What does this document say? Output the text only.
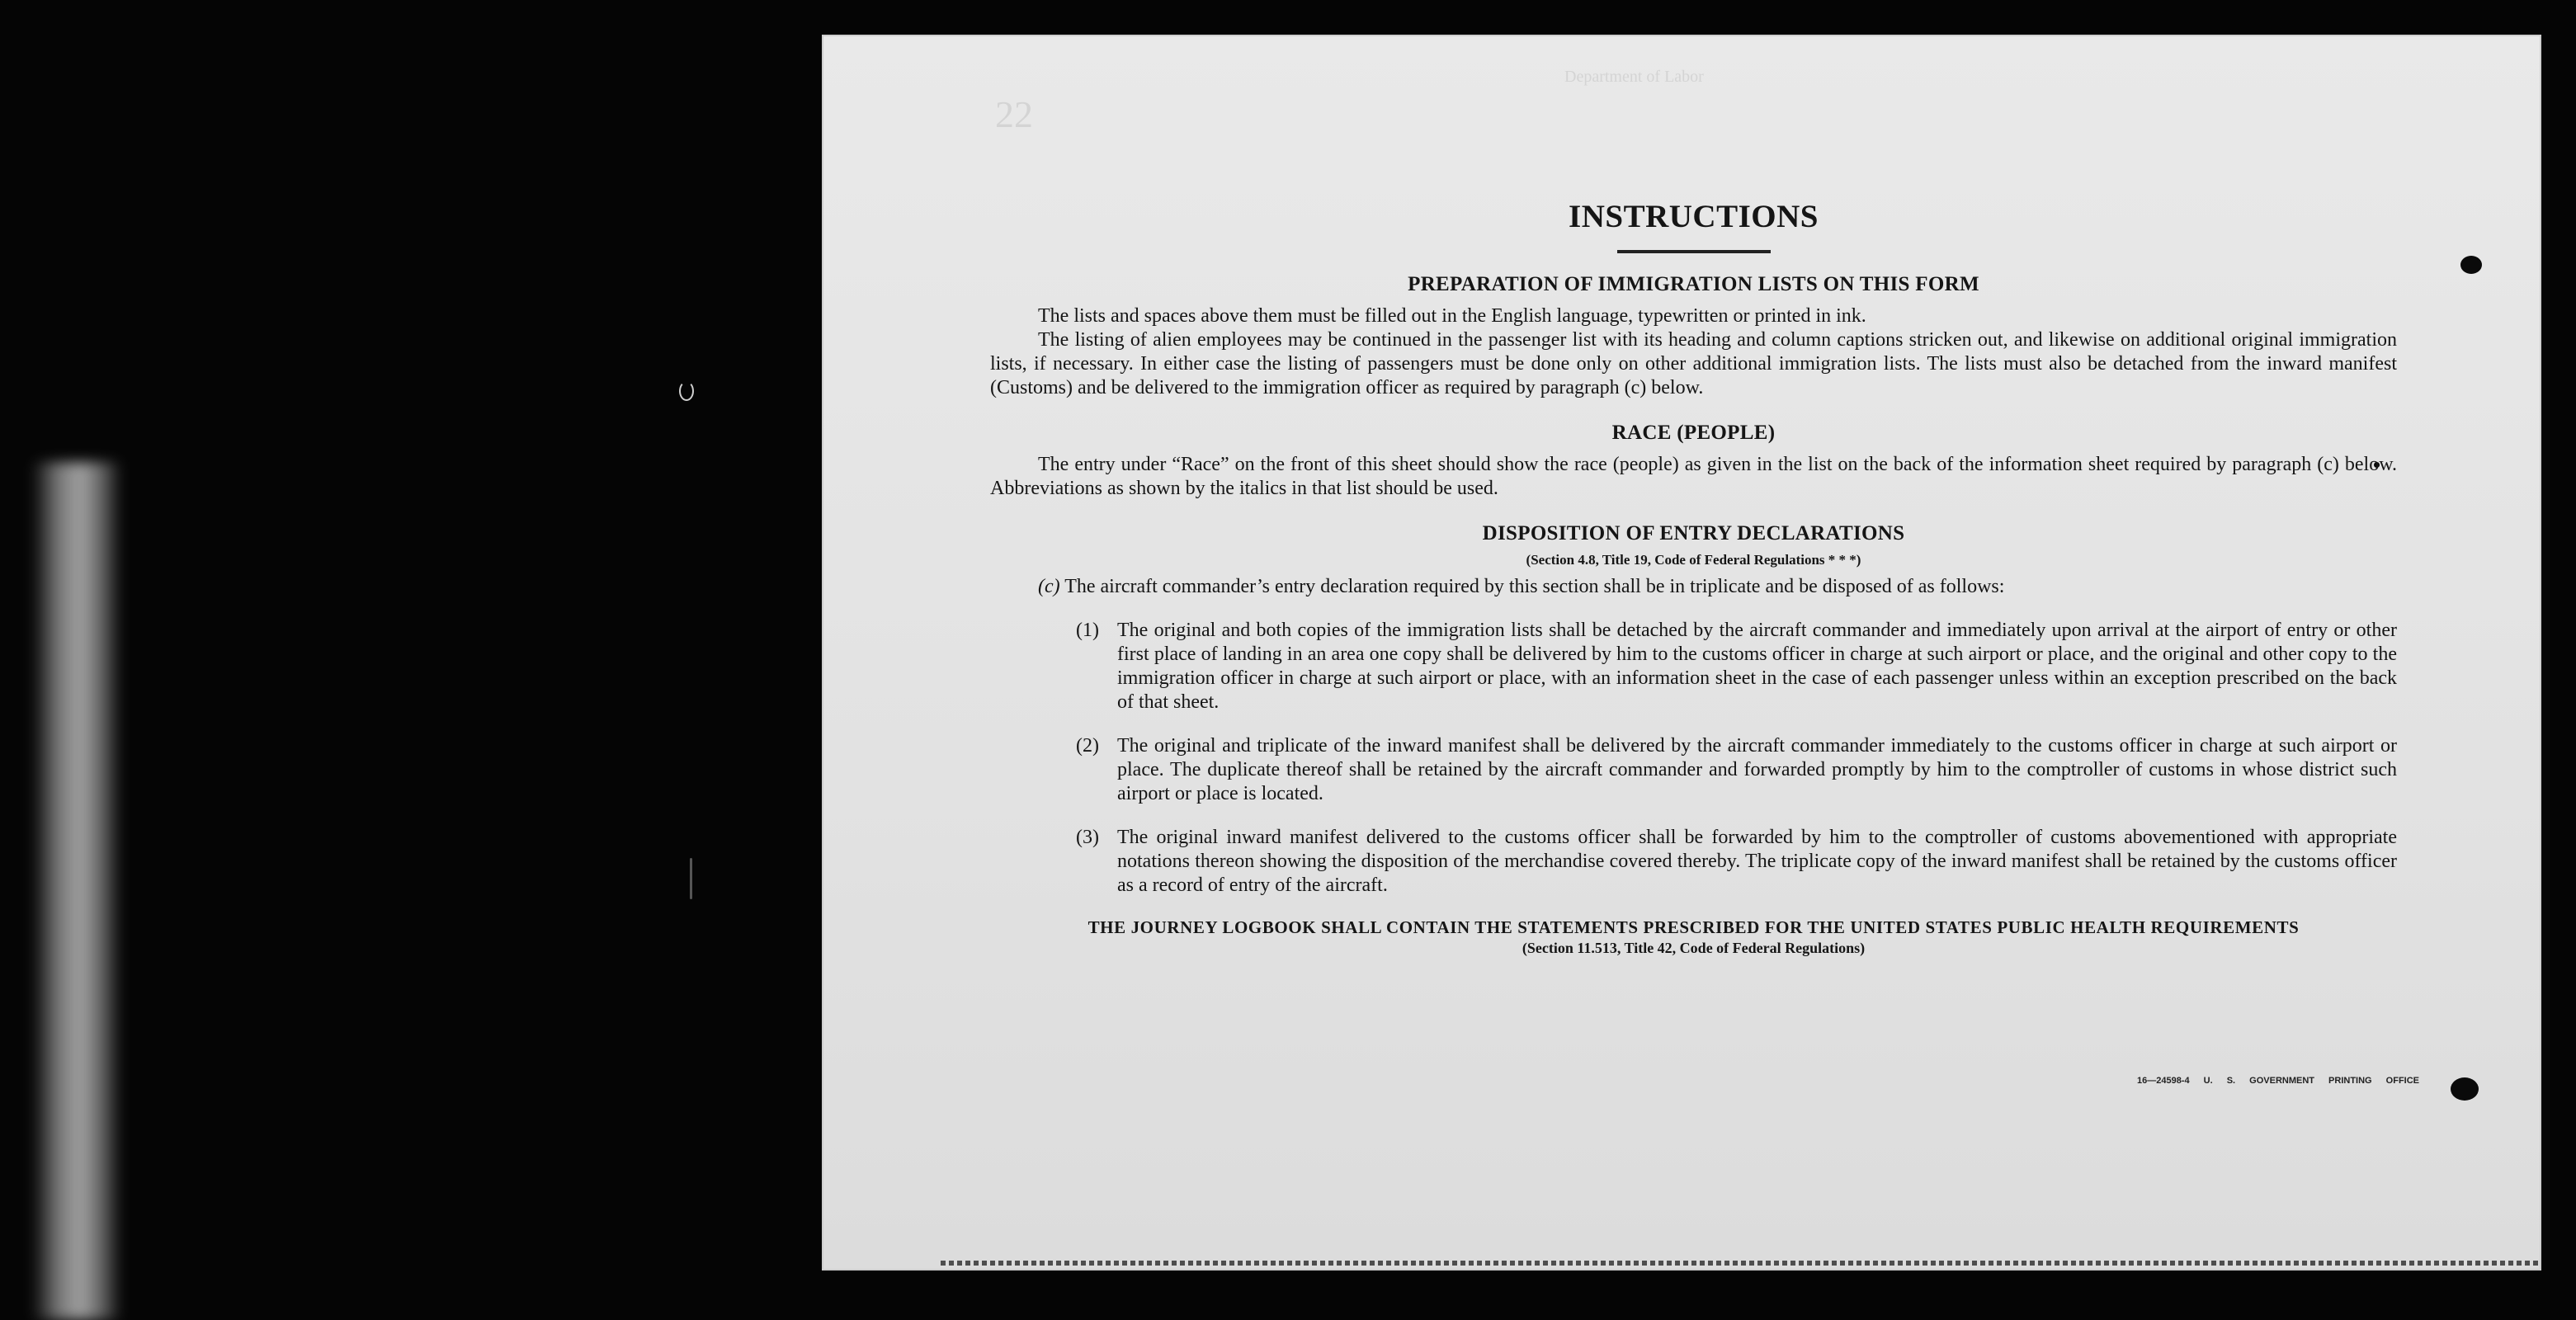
Department of Labor
22
INSTRUCTIONS
PREPARATION OF IMMIGRATION LISTS ON THIS FORM

The lists and spaces above them must be filled out in the English language, typewritten or printed in ink.

The listing of alien employees may be continued in the passenger list with its heading and column captions stricken out, and likewise on additional original immigration lists, if necessary. In either case the listing of passengers must be done only on other additional immigration lists. The lists must also be detached from the inward manifest (Customs) and be delivered to the immigration officer as required by paragraph (c) below.

RACE (PEOPLE)

The entry under “Race” on the front of this sheet should show the race (people) as given in the list on the back of the information sheet required by paragraph (c) below. Abbreviations as shown by the italics in that list should be used.

DISPOSITION OF ENTRY DECLARATIONS
(Section 4.8, Title 19, Code of Federal Regulations * * *)
(c) The aircraft commander’s entry declaration required by this section shall be in triplicate and be disposed of as follows:
(1) The original and both copies of the immigration lists shall be detached by the aircraft commander and immediately upon arrival at the airport of entry or other first place of landing in an area one copy shall be delivered by him to the customs officer in charge at such airport or place, and the original and other copy to the immigration officer in charge at such airport or place, with an information sheet in the case of each passenger unless within an exception prescribed on the back of that sheet.
(2) The original and triplicate of the inward manifest shall be delivered by the aircraft commander immediately to the customs officer in charge at such airport or place. The duplicate thereof shall be retained by the aircraft commander and forwarded promptly by him to the comptroller of customs in whose district such airport or place is located.
(3) The original inward manifest delivered to the customs officer shall be forwarded by him to the comptroller of customs abovementioned with appropriate notations thereon showing the disposition of the merchandise covered thereby. The triplicate copy of the inward manifest shall be retained by the customs officer as a record of entry of the aircraft.
THE JOURNEY LOGBOOK SHALL CONTAIN THE STATEMENTS PRESCRIBED FOR THE UNITED STATES PUBLIC HEALTH REQUIREMENTS
(Section 11.513, Title 42, Code of Federal Regulations)
16—24598-4 U. S. GOVERNMENT PRINTING OFFICE
